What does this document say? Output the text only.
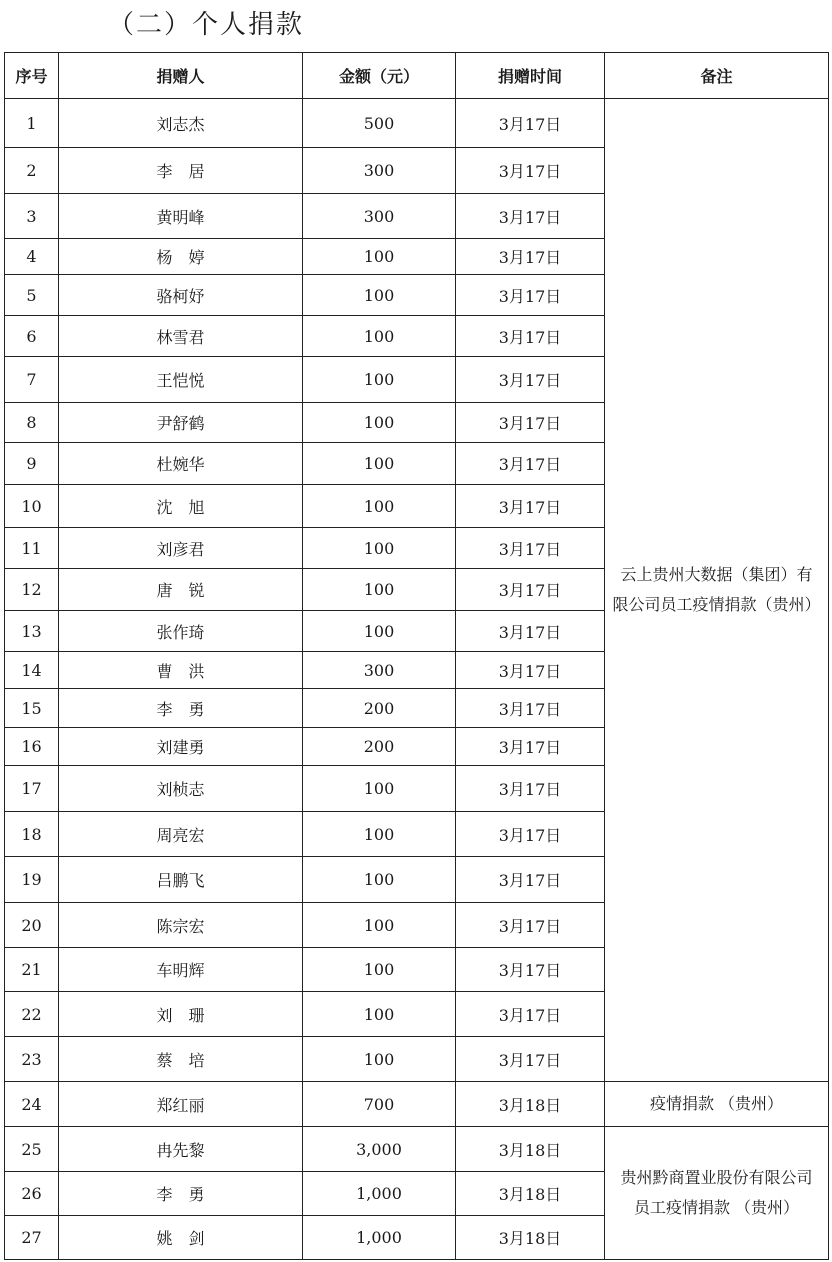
（二）个人捐款
序号	捐赠人	金额（元）	捐赠时间	备注
1	刘志杰	500	3月17日	云上贵州大数据（集团）有
限公司员工疫情捐款（贵州）

2	李　居	300	3月17日	
3	黄明峰	300	3月17日	
4	杨　婷	100	3月17日	
5	骆柯妤	100	3月17日	
6	林雪君	100	3月17日	
7	王恺悦	100	3月17日	
8	尹舒鹤	100	3月17日	
9	杜婉华	100	3月17日	
10	沈　旭	100	3月17日	
11	刘彦君	100	3月17日	
12	唐　锐	100	3月17日	
13	张作琦	100	3月17日	
14	曹　洪	300	3月17日	
15	李　勇	200	3月17日	
16	刘建勇	200	3月17日	
17	刘桢志	100	3月17日	
18	周亮宏	100	3月17日	
19	吕鹏飞	100	3月17日	
20	陈宗宏	100	3月17日	
21	车明辉	100	3月17日	
22	刘　珊	100	3月17日	
23	蔡　培	100	3月17日	
24	郑红丽	700	3月18日	疫情捐款 （贵州）
25	冉先黎	3,000	3月18日	贵州黔商置业股份有限公司
员工疫情捐款 （贵州）

26	李　勇	1,000	3月18日	
27	姚　剑	1,000	3月18日	
